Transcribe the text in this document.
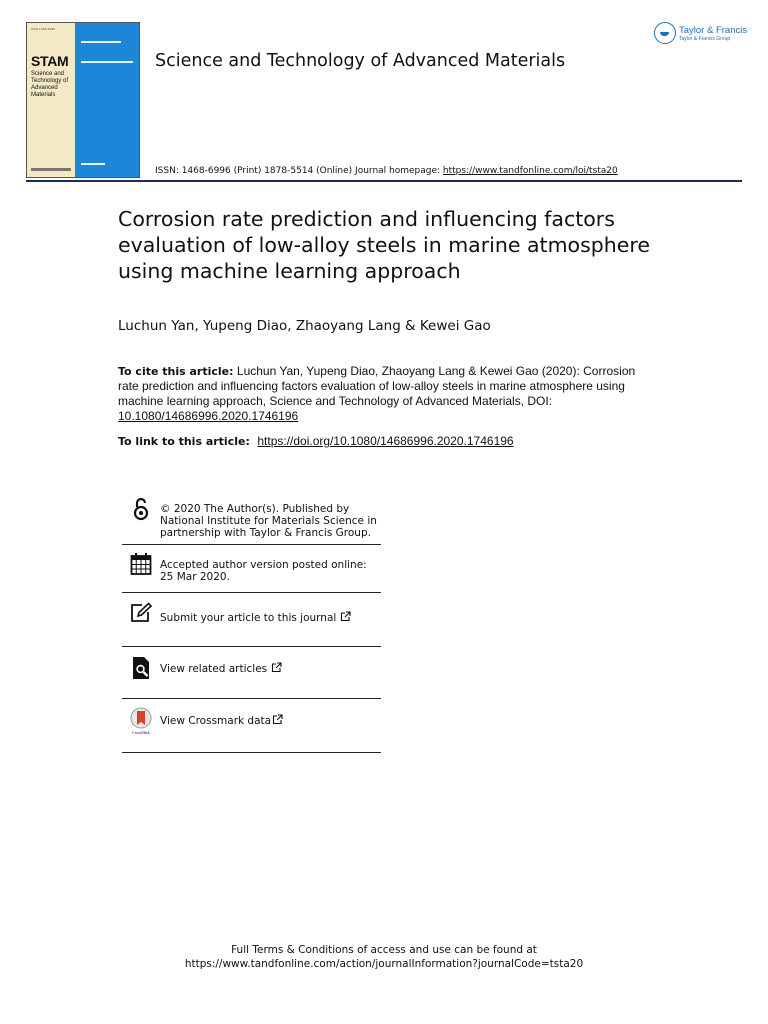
ISSN 1468-6996
STAM
Science and Technology of Advanced Materials
Science and Technology of Advanced Materials
Taylor & Francis
Taylor & Francis Group
ISSN: 1468-6996 (Print) 1878-5514 (Online) Journal homepage: https://www.tandfonline.com/loi/tsta20
Corrosion rate prediction and influencing factors evaluation of low-alloy steels in marine atmosphere using machine learning approach
Luchun Yan, Yupeng Diao, Zhaoyang Lang & Kewei Gao
To cite this article: Luchun Yan, Yupeng Diao, Zhaoyang Lang & Kewei Gao (2020): Corrosion rate prediction and influencing factors evaluation of low-alloy steels in marine atmosphere using machine learning approach, Science and Technology of Advanced Materials, DOI: 10.1080/14686996.2020.1746196
To link to this article: https://doi.org/10.1080/14686996.2020.1746196
© 2020 The Author(s). Published by National Institute for Materials Science in partnership with Taylor & Francis Group.
Accepted author version posted online: 25 Mar 2020.
Submit your article to this journal
View related articles
CrossMark
View Crossmark data
Full Terms & Conditions of access and use can be found at
https://www.tandfonline.com/action/journalInformation?journalCode=tsta20
